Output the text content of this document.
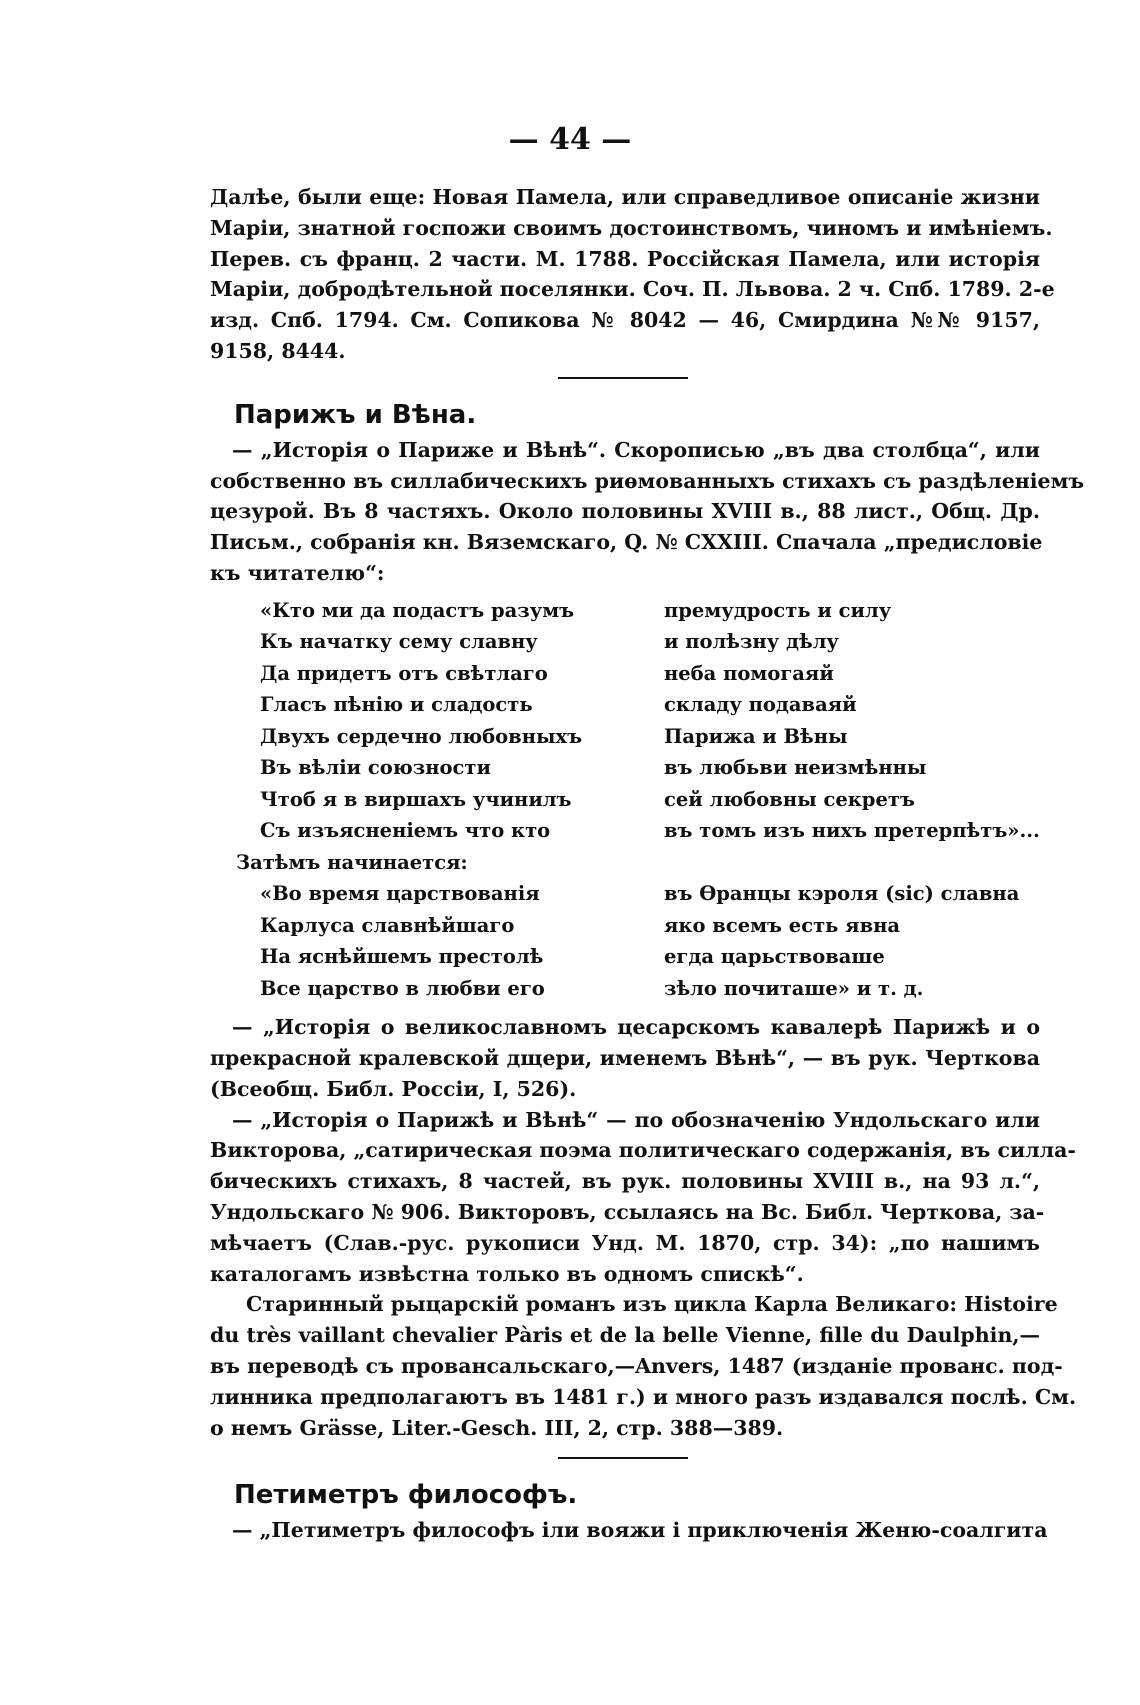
— 44 —
Далѣе, были еще: Новая Памела, или справедливое описаніе жизни
Маріи, знатной госпожи своимъ достоинствомъ, чиномъ и имѣніемъ.
Перев. съ франц. 2 части. М. 1788. Россійская Памела, или исторія
Маріи, добродѣтельной поселянки. Соч. П. Львова. 2 ч. Спб. 1789. 2-е
изд. Спб. 1794. См. Сопикова № 8042 — 46, Смирдина №№ 9157,
9158, 8444.
Парижъ и Вѣна.
— „Исторія о Париже и Вѣнѣ“. Скорописью „въ два столбца“, или
собственно въ силлабическихъ риѳмованныхъ стихахъ съ раздѣленіемъ
цезурой. Въ 8 частяхъ. Около половины XVIII в., 88 лист., Общ. Др.
Письм., собранія кн. Вяземскаго, Q. № CXXIII. Спачала „предисловіе
къ читателю“:
«Кто ми да подастъ разумъ	премудрость и силу
Къ начатку сему славну	и полѣзну дѣлу
Да придетъ отъ свѣтлаго	неба помогаяй
Гласъ пѣнію и сладость	складу подаваяй
Двухъ сердечно любовныхъ	Парижа и Вѣны
Въ вѣліи союзности	въ любьви неизмѣнны
Чтоб я в виршахъ учинилъ	сей любовны секретъ
Съ изъясненіемъ что кто	въ томъ изъ нихъ претерпѣтъ»...
Затѣмъ начинается:
«Во время царствованія	въ Ѳранцы кэроля (sic) славна
Карлуса славнѣйшаго	яко всемъ есть явна
На яснѣйшемъ престолѣ	егда царьствоваше
Все царство в любви его	зѣло почиташе» и т. д.
— „Исторія о великославномъ цесарскомъ кавалерѣ Парижѣ и о
прекрасной кралевской дщери, именемъ Вѣнѣ“, — въ рук. Черткова
(Всеобщ. Библ. Россіи, I, 526).
— „Исторія о Парижѣ и Вѣнѣ“ — по обозначенію Ундольскаго или
Викторова, „сатирическая поэма политическаго содержанія, въ силла-
бическихъ стихахъ, 8 частей, въ рук. половины XVIII в., на 93 л.“,
Ундольскаго № 906. Викторовъ, ссылаясь на Вс. Библ. Черткова, за-
мѣчаетъ (Слав.-рус. рукописи Унд. М. 1870, стр. 34): „по нашимъ
каталогамъ извѣстна только въ одномъ спискѣ“.
Старинный рыцарскій романъ изъ цикла Карла Великаго: Histoire
du très vaillant chevalier Pàris et de la belle Vienne, fille du Daulphin,—
въ переводѣ съ провансальскаго,—Anvers, 1487 (изданіе прованс. под-
линника предполагаютъ въ 1481 г.) и много разъ издавался послѣ. См.
о немъ Grässe, Liter.-Gesch. III, 2, стр. 388—389.
Петиметръ философъ.
— „Петиметръ философъ іли вояжи і приключенія Женю-соалгита
